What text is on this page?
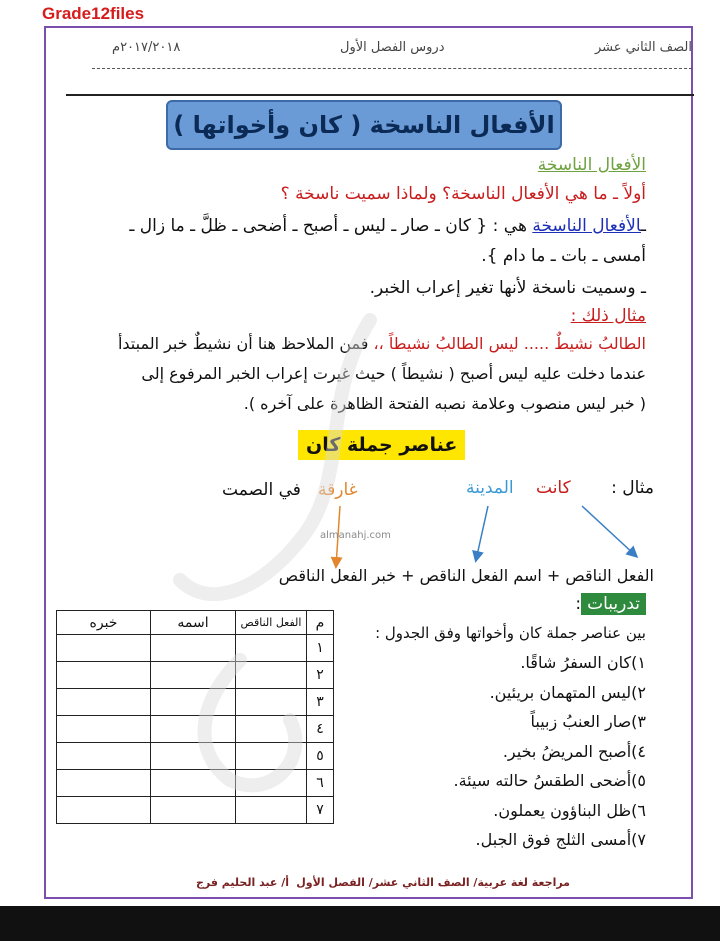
Grade12files
الصف الثاني عشر
دروس الفصل الأول
٢٠١٧/٢٠١٨م
الأفعال الناسخة ( كان وأخواتها )
الأفعال الناسخة
أولاً ـ ما هي الأفعال الناسخة؟ ولماذا سميت ناسخة ؟
ـالأفعال الناسخة هي : { كان ـ صار ـ ليس ـ أصبح ـ أضحى ـ ظلَّ ـ ما زال ـ
أمسى ـ بات ـ ما دام }.
ـ وسميت ناسخة لأنها تغير إعراب الخبر.
مثال ذلك :
الطالبُ نشيطٌ ..... ليس الطالبُ نشيطاً ،، فمن الملاحظ هنا أن نشيطٌ خبر المبتدأ
عندما دخلت عليه ليس أصبح ( نشيطاً ) حيث غيرت إعراب الخبر المرفوع إلى
( خبر ليس منصوب وعلامة نصبه الفتحة الظاهرة على آخره ).
عناصر جملة كان
مثال :
كانت
المدينة
غارقة
في الصمت
almanahj.com
الفعل الناقص + اسم الفعل الناقص + خبر الفعل الناقص
تدريبات:
بين عناصر جملة كان وأخواتها وفق الجدول :
١)كان السفرُ شاقًا.
٢)ليس المتهمان بريئين.
٣)صار العنبُ زبيباً
٤)أصبح المريضُ بخير.
٥)أضحى الطقسُ حالته سيئة.
٦)ظل البناؤون يعملون.
٧)أمسى الثلج فوق الجبل.
م	الفعل الناقص	اسمه	خبره
١			
٢			
٣			
٤			
٥			
٦			
٧			
مراجعة لغة عربية/ الصف الثاني عشر/ الفصل الأول
أ/ عبد الحليم فرج
